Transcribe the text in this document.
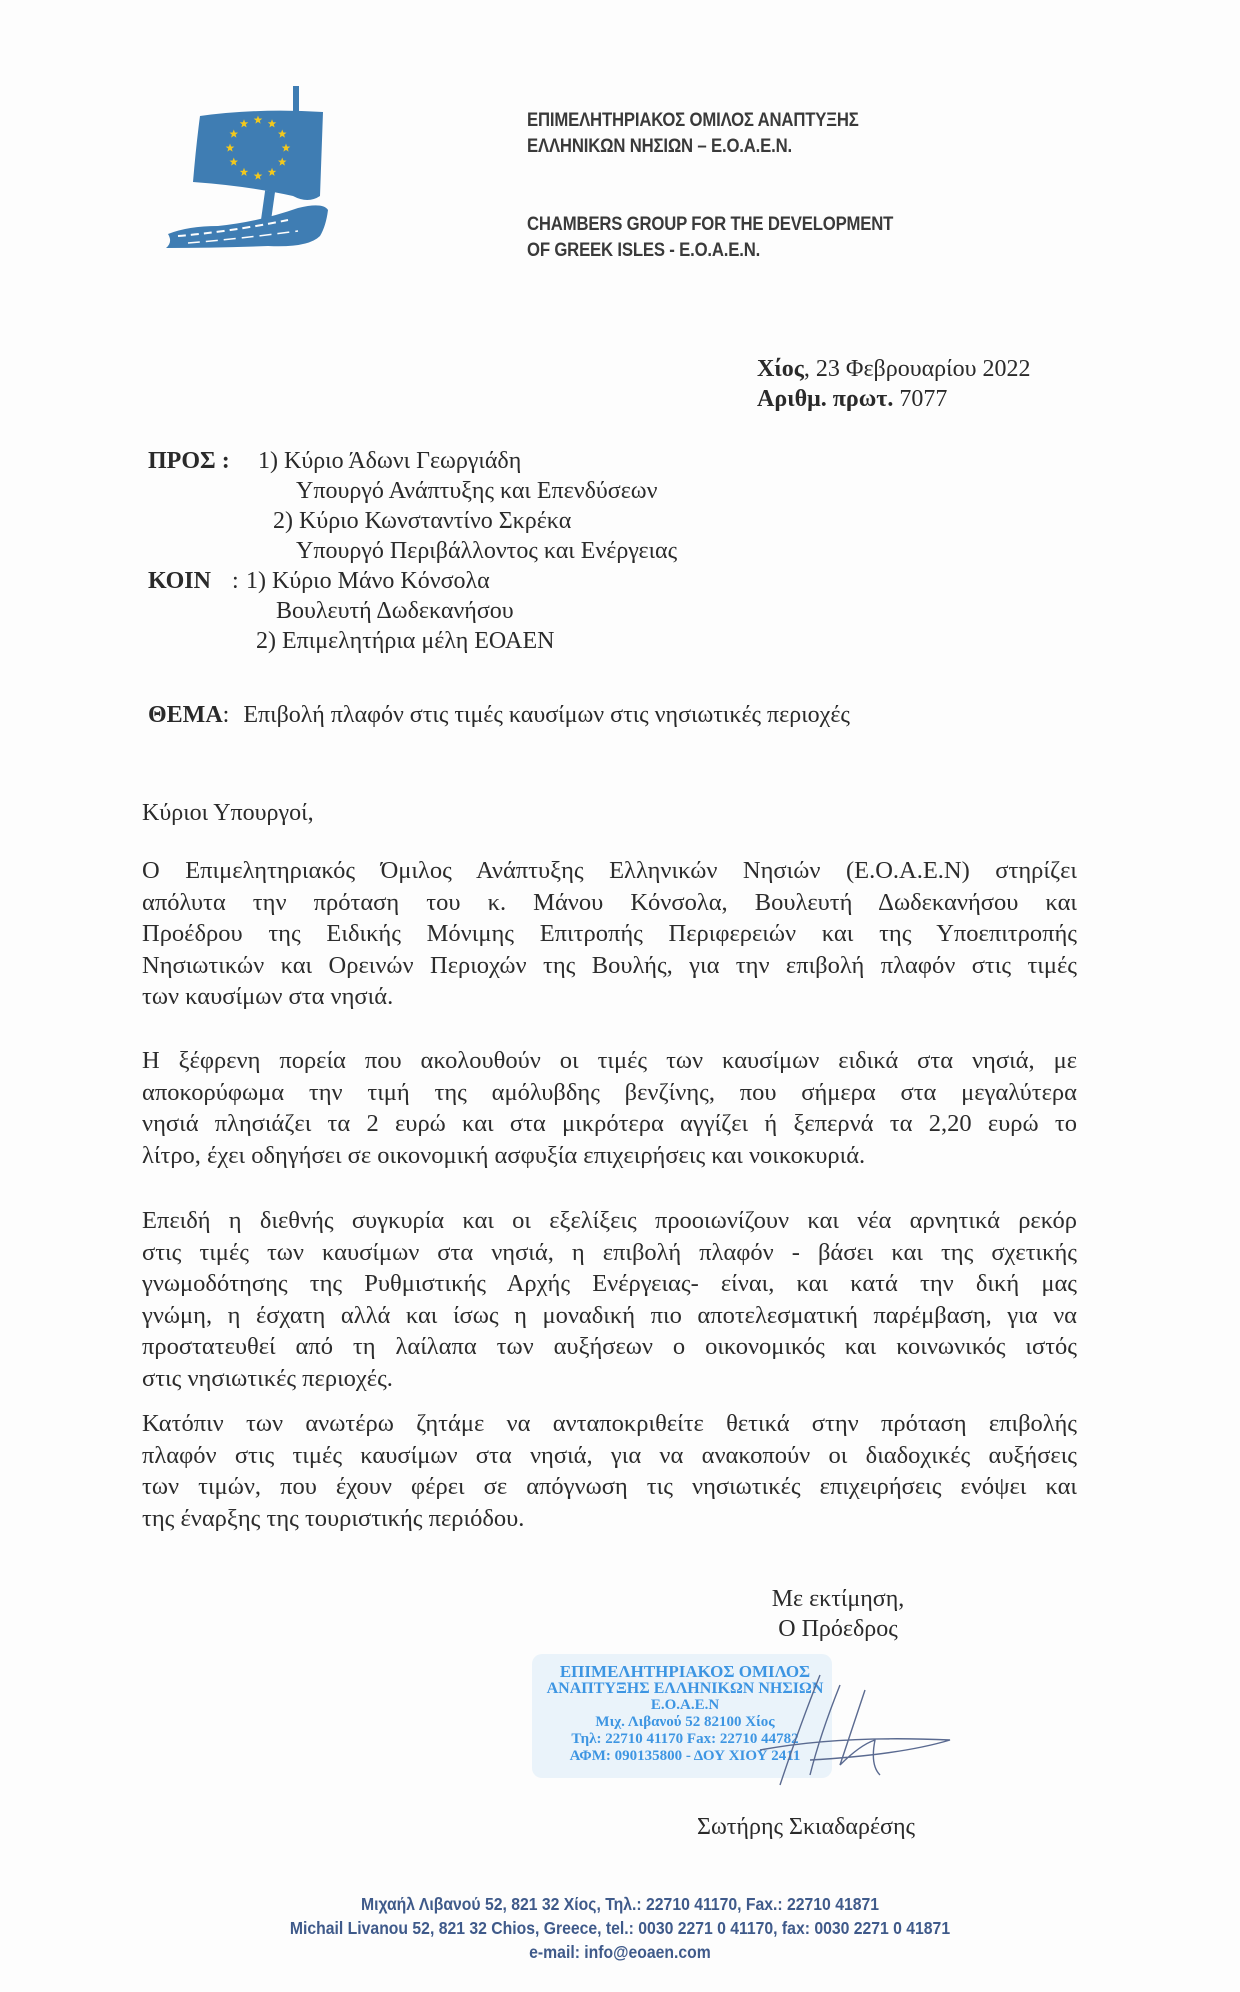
ΕΠΙΜΕΛΗΤΗΡΙΑΚΟΣ ΟΜΙΛΟΣ ΑΝΑΠΤΥΞΗΣ
ΕΛΛΗΝΙΚΩΝ ΝΗΣΙΩΝ – Ε.Ο.Α.Ε.Ν.
CHAMBERS GROUP FOR THE DEVELOPMENT
OF GREEK ISLES - E.O.A.E.N.
Χίος, 23 Φεβρουαρίου 2022
Αριθμ. πρωτ. 7077
ΠΡΟΣ : 1) Κύριο Άδωνι Γεωργιάδη
Υπουργό Ανάπτυξης και Επενδύσεων
2) Κύριο Κωνσταντίνο Σκρέκα
Υπουργό Περιβάλλοντος και Ενέργειας
ΚΟΙΝ : 1) Κύριο Μάνο Κόνσολα
Βουλευτή Δωδεκανήσου
2) Επιμελητήρια μέλη ΕΟΑΕΝ
ΘΕΜΑ: Επιβολή πλαφόν στις τιμές καυσίμων στις νησιωτικές περιοχές
Κύριοι Υπουργοί,
Ο Επιμελητηριακός Όμιλος Ανάπτυξης Ελληνικών Νησιών (Ε.Ο.Α.Ε.Ν) στηρίζει
απόλυτα την πρόταση του κ. Μάνου Κόνσολα, Βουλευτή Δωδεκανήσου και
Προέδρου της Ειδικής Μόνιμης Επιτροπής Περιφερειών και της Υποεπιτροπής
Νησιωτικών και Ορεινών Περιοχών της Βουλής, για την επιβολή πλαφόν στις τιμές
των καυσίμων στα νησιά.
Η ξέφρενη πορεία που ακολουθούν οι τιμές των καυσίμων ειδικά στα νησιά, με
αποκορύφωμα την τιμή της αμόλυβδης βενζίνης, που σήμερα στα μεγαλύτερα
νησιά πλησιάζει τα 2 ευρώ και στα μικρότερα αγγίζει ή ξεπερνά τα 2,20 ευρώ το
λίτρο, έχει οδηγήσει σε οικονομική ασφυξία επιχειρήσεις και νοικοκυριά.
Επειδή η διεθνής συγκυρία και οι εξελίξεις προοιωνίζουν και νέα αρνητικά ρεκόρ
στις τιμές των καυσίμων στα νησιά, η επιβολή πλαφόν - βάσει και της σχετικής
γνωμοδότησης της Ρυθμιστικής Αρχής Ενέργειας- είναι, και κατά την δική μας
γνώμη, η έσχατη αλλά και ίσως η μοναδική πιο αποτελεσματική παρέμβαση, για να
προστατευθεί από τη λαίλαπα των αυξήσεων ο οικονομικός και κοινωνικός ιστός
στις νησιωτικές περιοχές.
Κατόπιν των ανωτέρω ζητάμε να ανταποκριθείτε θετικά στην πρόταση επιβολής
πλαφόν στις τιμές καυσίμων στα νησιά, για να ανακοπούν οι διαδοχικές αυξήσεις
των τιμών, που έχουν φέρει σε απόγνωση τις νησιωτικές επιχειρήσεις ενόψει και
της έναρξης της τουριστικής περιόδου.
Με εκτίμηση,
Ο Πρόεδρος
ΕΠΙΜΕΛΗΤΗΡΙΑΚΟΣ ΟΜΙΛΟΣ
ΑΝΑΠΤΥΞΗΣ ΕΛΛΗΝΙΚΩΝ ΝΗΣΙΩΝ
Ε.Ο.Α.Ε.Ν
Μιχ. Λιβανού 52 82100 Χίος
Τηλ: 22710 41170 Fax: 22710 44782
ΑΦΜ: 090135800 - ΔΟΥ ΧΙΟΥ 2411
Σωτήρης Σκιαδαρέσης
Μιχαήλ Λιβανού 52, 821 32 Χίος, Τηλ.: 22710 41170, Fax.: 22710 41871
Michail Livanou 52, 821 32 Chios, Greece, tel.: 0030 2271 0 41170, fax: 0030 2271 0 41871
e-mail: info@eoaen.com
